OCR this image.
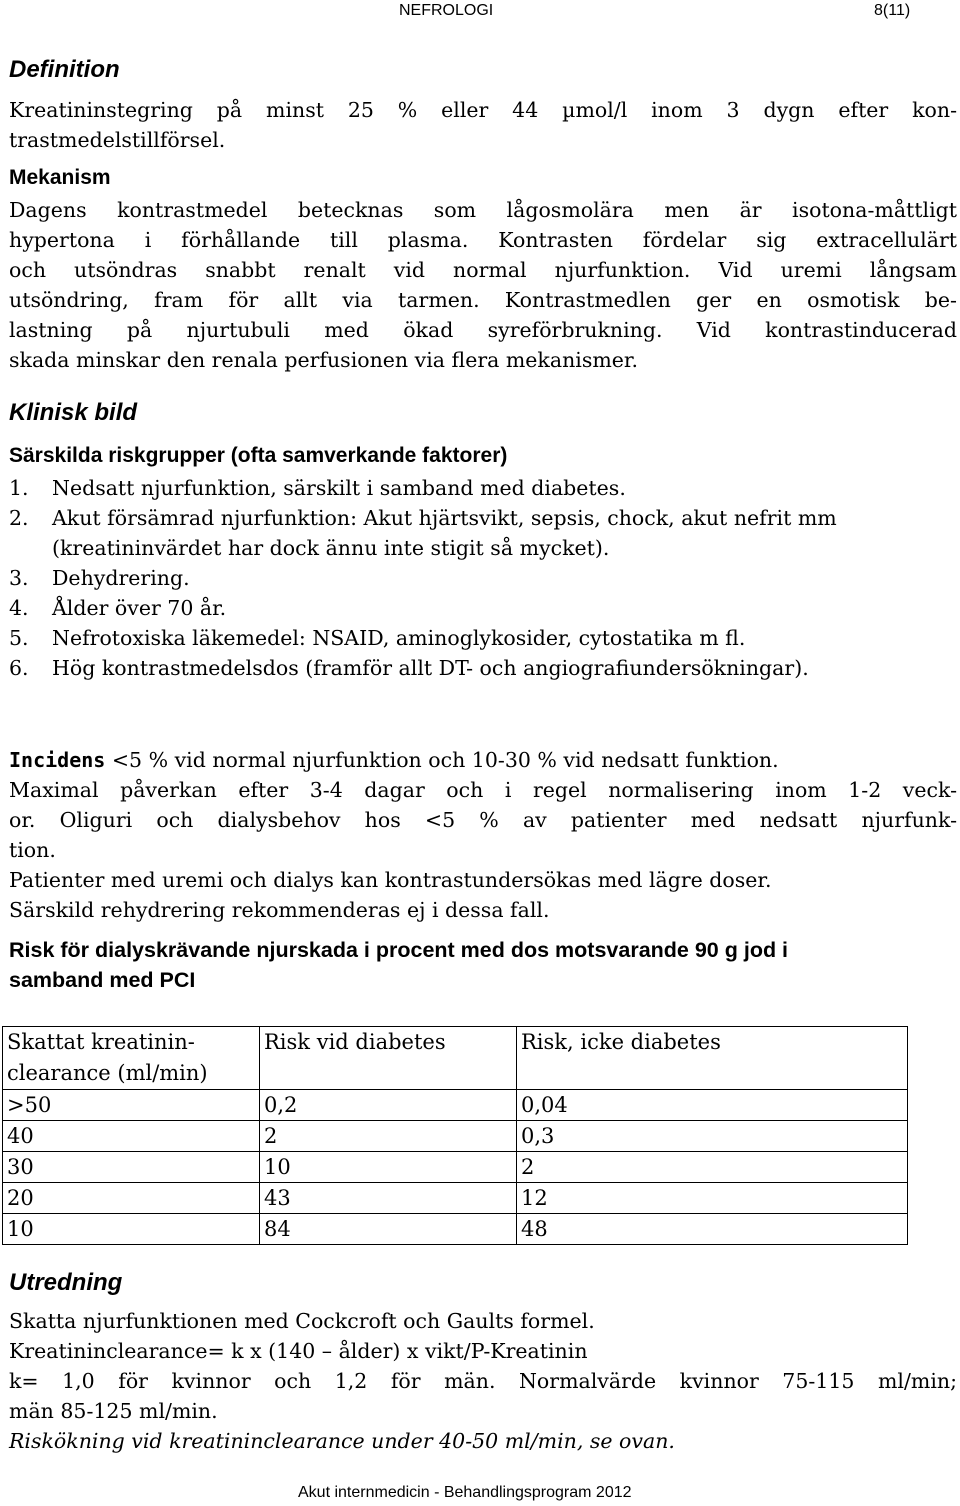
NEFROLOGI	8(11)
Definition
Kreatininstegring på minst 25 % eller 44 µmol/l inom 3 dygn efter kon-
trastmedelstillförsel.
Mekanism
Dagens kontrastmedel betecknas som lågosmolära men är isotona-måttligt
hypertona i förhållande till plasma. Kontrasten fördelar sig extracellulärt
och utsöndras snabbt renalt vid normal njurfunktion. Vid uremi långsam
utsöndring, fram för allt via tarmen. Kontrastmedlen ger en osmotisk be-
lastning på njurtubuli med ökad syreförbrukning. Vid kontrastinducerad
skada minskar den renala perfusionen via flera mekanismer.
Klinisk bild
Särskilda riskgrupper (ofta samverkande faktorer)
1. Nedsatt njurfunktion, särskilt i samband med diabetes.
2. Akut försämrad njurfunktion: Akut hjärtsvikt, sepsis, chock, akut nefrit mm (kreatininvärdet har dock ännu inte stigit så mycket).
3. Dehydrering.
4. Ålder över 70 år.
5. Nefrotoxiska läkemedel: NSAID, aminoglykosider, cytostatika m fl.
6. Hög kontrastmedelsdos (framför allt DT- och angiografiundersökningar).
Incidens <5 % vid normal njurfunktion och 10-30 % vid nedsatt funktion.
Maximal påverkan efter 3-4 dagar och i regel normalisering inom 1-2 veck-
or. Oliguri och dialysbehov hos <5 % av patienter med nedsatt njurfunk-
tion.
Patienter med uremi och dialys kan kontrastundersökas med lägre doser.
Särskild rehydrering rekommenderas ej i dessa fall.
Risk för dialyskrävande njurskada i procent med dos motsvarande 90 g jod i
samband med PCI
Skattat kreatinin-
clearance (ml/min)	Risk vid diabetes	Risk, icke diabetes
>50	0,2	0,04
40	2	0,3
30	10	2
20	43	12
10	84	48
Utredning
Skatta njurfunktionen med Cockcroft och Gaults formel.
Kreatininclearance= k x (140 – ålder) x vikt/P-Kreatinin
k= 1,0 för kvinnor och 1,2 för män. Normalvärde kvinnor 75-115 ml/min;
män 85-125 ml/min.
Riskökning vid kreatininclearance under 40-50 ml/min, se ovan.
Akut internmedicin - Behandlingsprogram 2012
